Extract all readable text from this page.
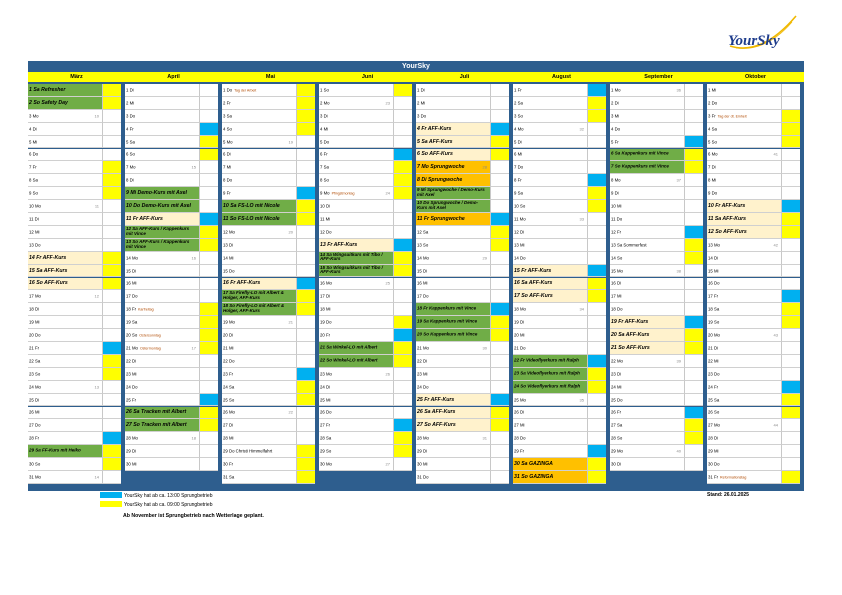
YourSky
YourSky
März
1 Sa Refresher
2 So Safety Day
3 Mo	10
4 Di
5 Mi
6 Do
7 Fr
8 Sa
9 So
10 Mo	11
11 Di
12 Mi
13 Do
14 Fr AFF-Kurs
15 Sa AFF-Kurs
16 So AFF-Kurs
17 Mo	12
18 Di
19 Mi
20 Do
21 Fr
22 Sa
23 So
24 Mo	13
25 Di
26 Mi
27 Do
28 Fr
29 Sa FF-Kurs mit Heiko
30 So
31 Mo	14
April
1 Di
2 Mi
3 Do
4 Fr
5 Sa
6 So
7 Mo	15
8 Di
9 Mi Demo-Kurs mit Axel
10 Do Demo-Kurs mit Axel
11 Fr AFF-Kurs
12 Sa AFF-Kurs / Kappenkurs mit Vince
13 So AFF-Kurs / Kappenkurs mit Vince
14 Mo	16
15 Di
16 Mi
17 Do
18 Fr Karfreitag
19 Sa
20 So Ostersonntag
21 Mo Ostermontag	17
22 Di
23 Mi
24 Do
25 Fr
26 Sa Tracken mit Albert
27 So Tracken mit Albert
28 Mo	18
29 Di
30 Mi
Mai
1 Do Tag der Arbeit
2 Fr
3 Sa
4 So
5 Mo	19
6 Di
7 Mi
8 Do
9 Fr
10 Sa FS-LO mit Nicole
11 So FS-LO mit Nicole
12 Mo	20
13 Di
14 Mi
15 Do
16 Fr AFF-Kurs
17 Sa Firefly-LO mit Albert & Holger, AFF-Kurs
18 So Firefly-LO mit Albert & Holger, AFF-Kurs
19 Mo	21
20 Di
21 Mi
22 Do
23 Fr
24 Sa
25 So
26 Mo	22
27 Di
28 Mi
29 Do Christi Himmelfahrt
30 Fr
31 Sa
Juni
1 So
2 Mo	23
3 Di
4 Mi
5 Do
6 Fr
7 Sa
8 So
9 Mo Pfingstmontag	24
10 Di
11 Mi
12 Do
13 Fr AFF-Kurs
14 Sa Wingsuitkurs mit Tibo / AFF-Kurs
15 So Wingsuitkurs mit Tibo / AFF-Kurs
16 Mo	25
17 Di
18 Mi
19 Do
20 Fr
21 Sa Winkel-LO mit Albert
22 So Winkel-LO mit Albert
23 Mo	26
24 Di
25 Mi
26 Do
27 Fr
28 Sa
29 So
30 Mo	27
Juli
1 Di
2 Mi
3 Do
4 Fr AFF-Kurs
5 Sa AFF-Kurs
6 So AFF-Kurs
7 Mo Sprungwoche	28
8 Di Sprungwoche
9 Mi Sprungwoche / Demo-Kurs mit Axel
10 Do Sprungwoche / Demo-Kurs mit Axel
11 Fr Sprungwoche
12 Sa
13 So
14 Mo	29
15 Di
16 Mi
17 Do
18 Fr Kappenkurs mit Vince
19 Sa Kappenkurs mit Vince
20 So Kappenkurs mit Vince
21 Mo	30
22 Di
23 Mi
24 Do
25 Fr AFF-Kurs
26 Sa AFF-Kurs
27 So AFF-Kurs
28 Mo	31
29 Di
30 Mi
31 Do
August
1 Fr
2 Sa
3 So
4 Mo	32
5 Di
6 Mi
7 Do
8 Fr
9 Sa
10 So
11 Mo	33
12 Di
13 Mi
14 Do
15 Fr AFF-Kurs
16 Sa AFF-Kurs
17 So AFF-Kurs
18 Mo	34
19 Di
20 Mi
21 Do
22 Fr Videoflyerkurs mit Ralph
23 Sa Videoflyerkurs mit Ralph
24 So Videoflyerkurs mit Ralph
25 Mo	35
26 Di
27 Mi
28 Do
29 Fr
30 Sa GAZINGA
31 So GAZINGA
September
1 Mo	36
2 Di
3 Mi
4 Do
5 Fr
6 Sa Kappenkurs mit Vince
7 So Kappenkurs mit Vince
8 Mo	37
9 Di
10 Mi
11 Do
12 Fr
13 Sa Sommerfest
14 So
15 Mo	38
16 Di
17 Mi
18 Do
19 Fr AFF-Kurs
20 Sa AFF-Kurs
21 So AFF-Kurs
22 Mo	39
23 Di
24 Mi
25 Do
26 Fr
27 Sa
28 So
29 Mo	40
30 Di
Oktober
1 Mi
2 Do
3 Fr Tag der dt. Einheit
4 Sa
5 So
6 Mo	41
7 Di
8 Mi
9 Do
10 Fr AFF-Kurs
11 Sa AFF-Kurs
12 So AFF-Kurs
13 Mo	42
14 Di
15 Mi
16 Do
17 Fr
18 Sa
19 So
20 Mo	43
21 Di
22 Mi
23 Do
24 Fr
25 Sa
26 So
27 Mo	44
28 Di
29 Mi
30 Do
31 Fr Reformationstag
YourSky hat ab ca. 13:00 Sprungbetrieb
YourSky hat ab ca. 09:00 Sprungbetrieb
Ab November ist Sprungbetrieb nach Wetterlage geplant.
Stand: 26.01.2025
